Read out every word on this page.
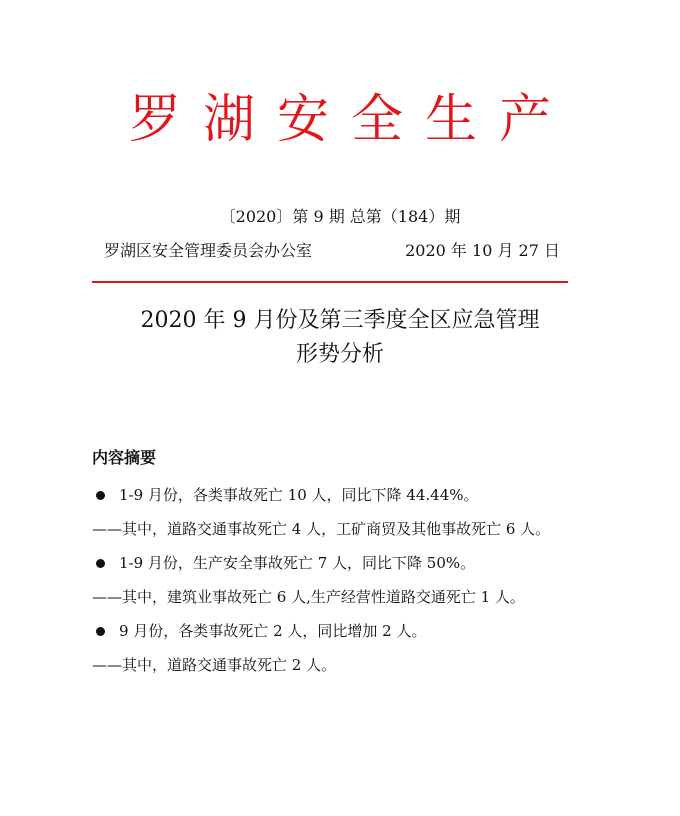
罗湖安全生产
〔2020〕第 9 期 总第（184）期
罗湖区安全管理委员会办公室	2020 年 10 月 27 日
2020 年 9 月份及第三季度全区应急管理
形势分析
内容摘要
1-9 月份，各类事故死亡 10 人，同比下降 44.44%。
——其中，道路交通事故死亡 4 人，工矿商贸及其他事故死亡 6 人。
1-9 月份，生产安全事故死亡 7 人，同比下降 50%。
——其中，建筑业事故死亡 6 人,生产经营性道路交通死亡 1 人。
9 月份，各类事故死亡 2 人，同比增加 2 人。
——其中，道路交通事故死亡 2 人。
